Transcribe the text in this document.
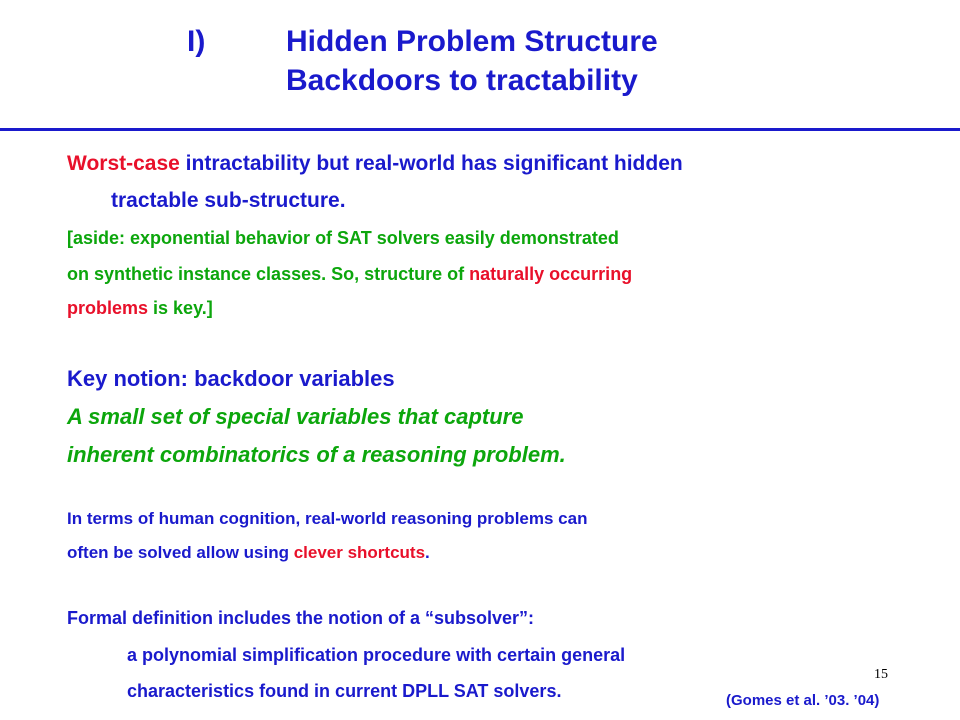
I)	Hidden Problem Structure
Backdoors to tractability
Worst-case intractability but real-world has significant hidden
tractable sub-structure.
[aside: exponential behavior of SAT solvers easily demonstrated
on synthetic instance classes. So, structure of naturally occurring
problems is key.]
Key notion: backdoor variables
A small set of special variables that capture
inherent combinatorics of a reasoning problem.
In terms of human cognition, real-world reasoning problems can
often be solved allow using clever shortcuts.
Formal definition includes the notion of a “subsolver”:
a polynomial simplification procedure with certain general
characteristics found in current DPLL SAT solvers.
15
(Gomes et al. ’03. ’04)
